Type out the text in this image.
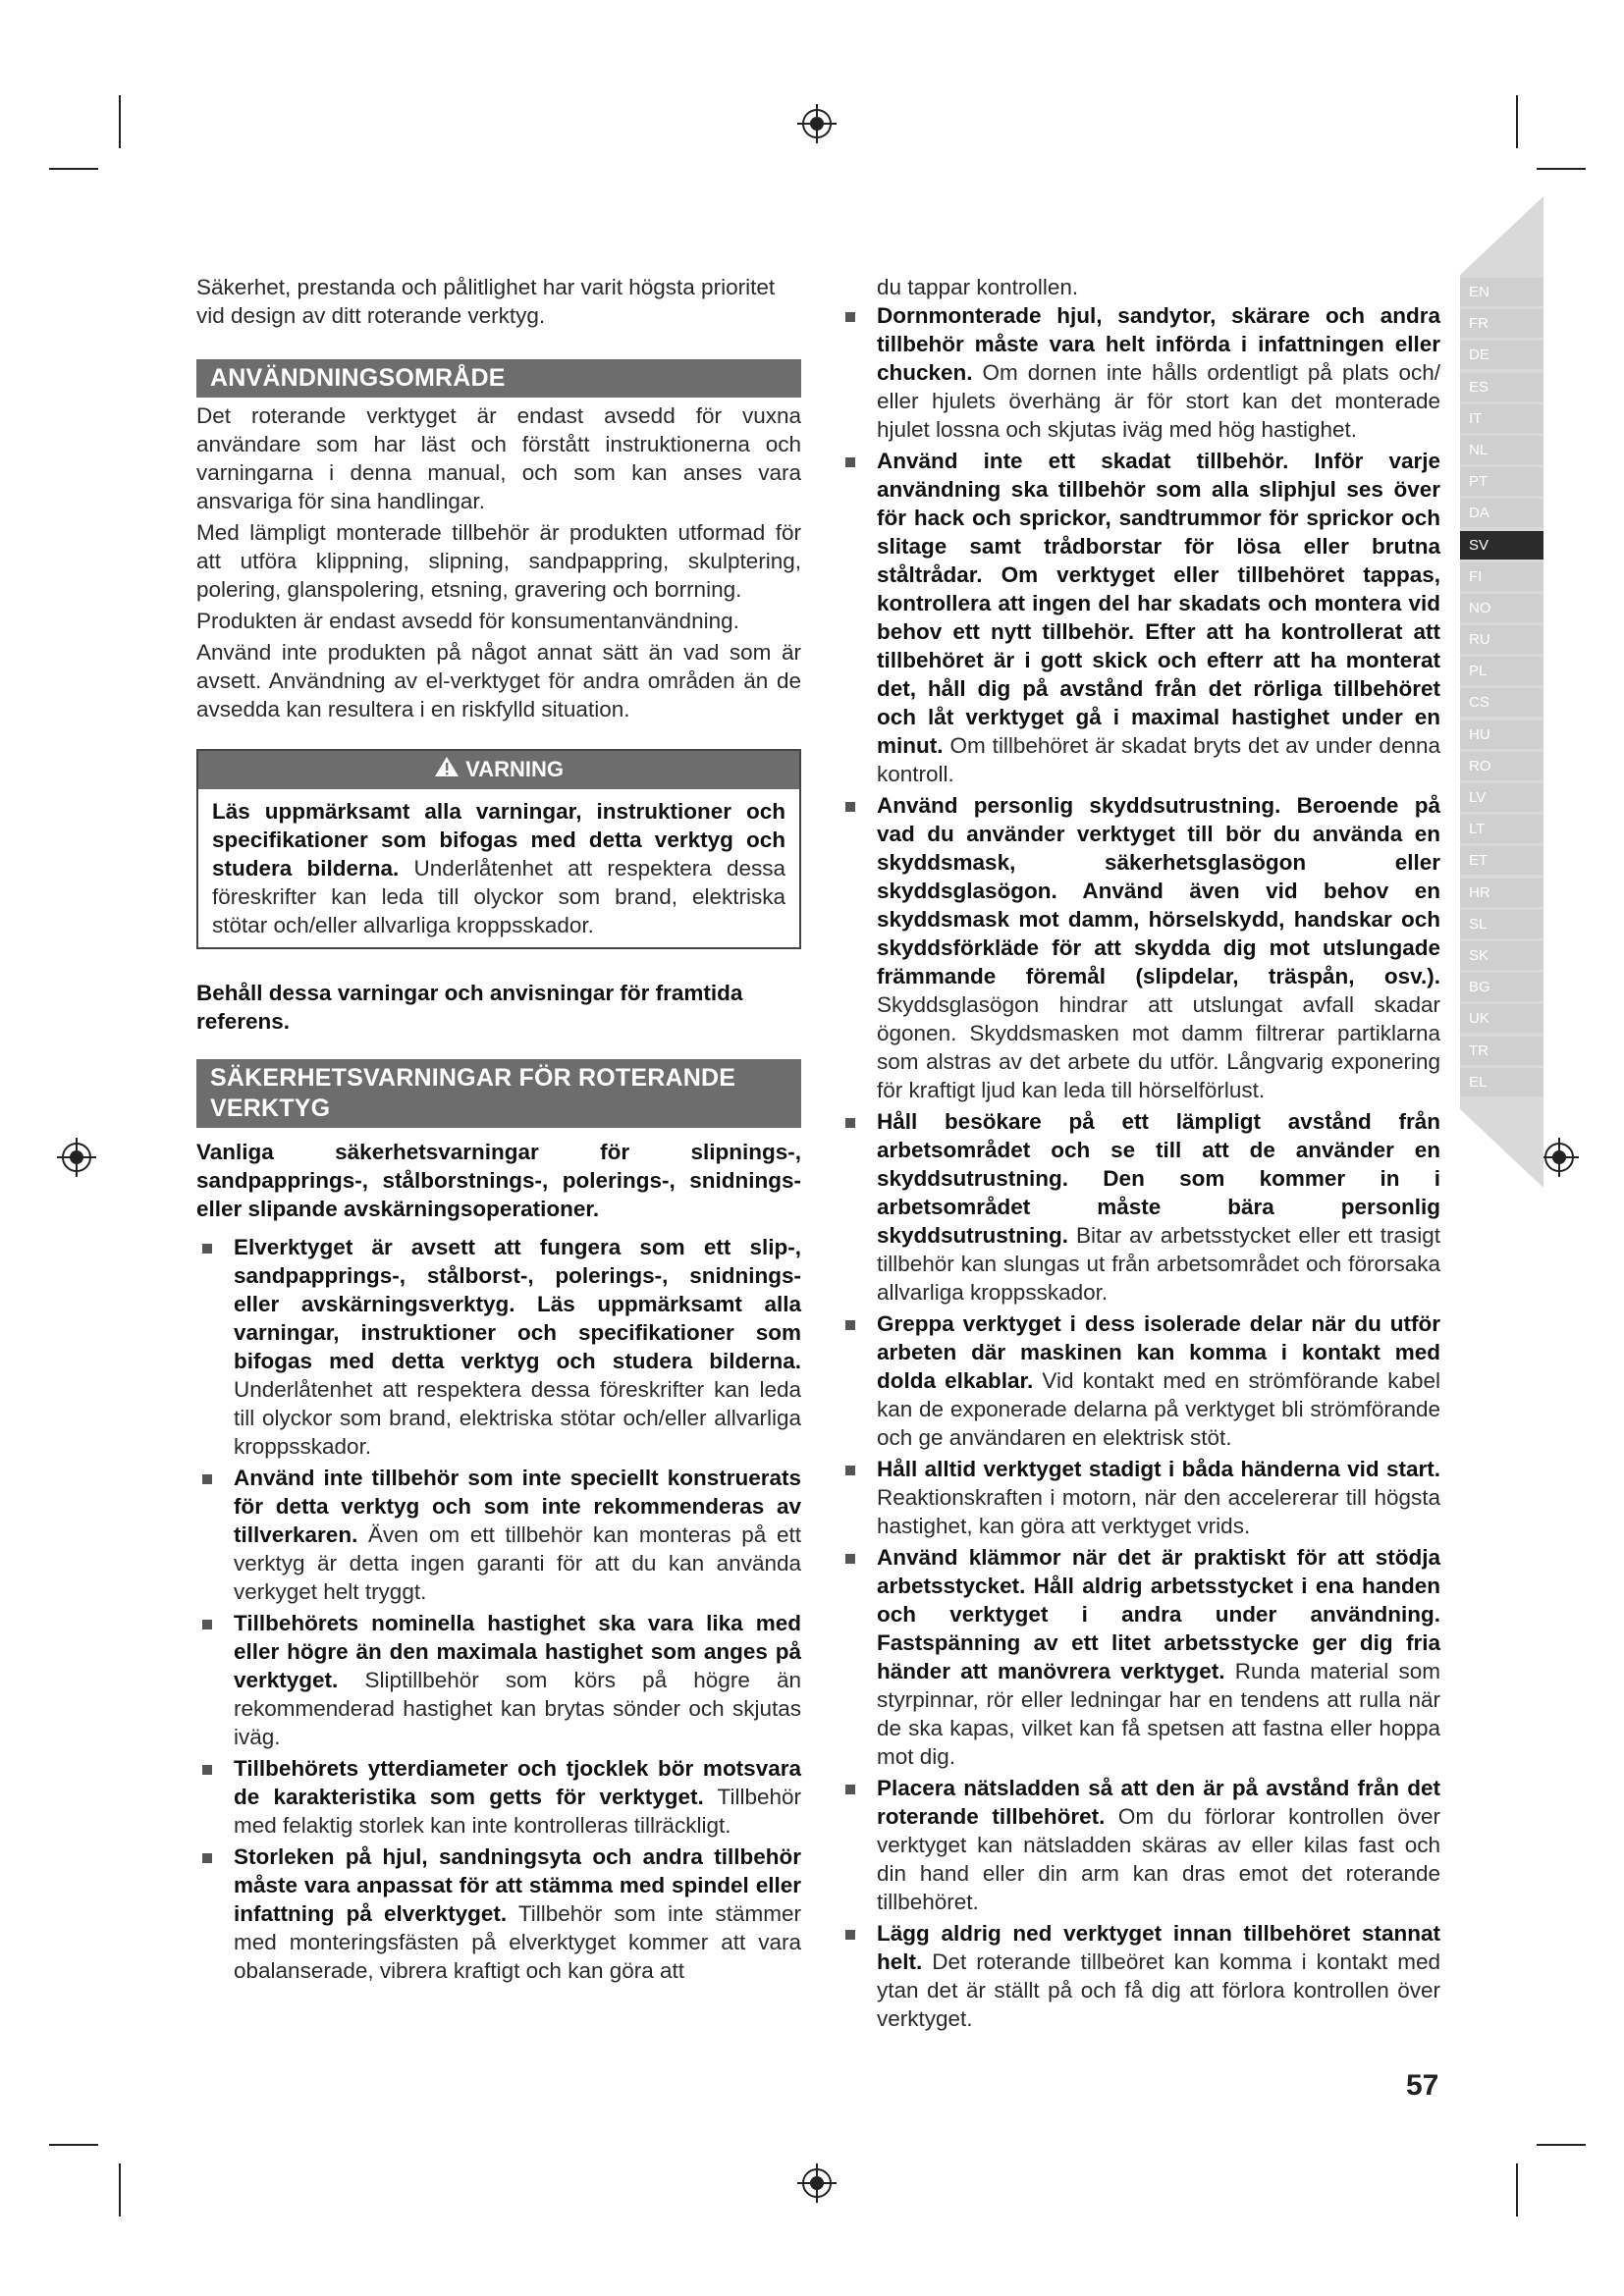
EN
FR
DE
ES
IT
NL
PT
DA
SV
FI
NO
RU
PL
CS
HU
RO
LV
LT
ET
HR
SL
SK
BG
UK
TR
EL

Säkerhet, prestanda och pålitlighet har varit högsta prioritet vid design av ditt roterande verktyg.

ANVÄNDNINGSOMRÅDE

Det roterande verktyget är endast avsedd för vuxna användare som har läst och förstått instruktionerna och varningarna i denna manual, och som kan anses vara ansvariga för sina handlingar.

Med lämpligt monterade tillbehör är produkten utformad för att utföra klippning, slipning, sandpappring, skulptering, polering, glanspolering, etsning, gravering och borrning.

Produkten är endast avsedd för konsumentanvändning.

Använd inte produkten på något annat sätt än vad som är avsett. Användning av el-verktyget för andra områden än de avsedda kan resultera i en riskfylld situation.

VARNING

Läs uppmärksamt alla varningar, instruktioner och specifikationer som bifogas med detta verktyg och studera bilderna. Underlåtenhet att respektera dessa föreskrifter kan leda till olyckor som brand, elektriska stötar och/eller allvarliga kroppsskador.

Behåll dessa varningar och anvisningar för framtida referens.

SÄKERHETSVARNINGAR FÖR ROTERANDE VERKTYG

Vanliga säkerhetsvarningar för slipnings-, sandpapprings-, stålborstnings-, polerings-, snidnings- eller slipande avskärningsoperationer.

Elverktyget är avsett att fungera som ett slip-, sandpapprings-, stålborst-, polerings-, snidnings- eller avskärningsverktyg. Läs uppmärksamt alla varningar, instruktioner och specifikationer som bifogas med detta verktyg och studera bilderna. Underlåtenhet att respektera dessa föreskrifter kan leda till olyckor som brand, elektriska stötar och/eller allvarliga kroppsskador.
Använd inte tillbehör som inte speciellt konstruerats för detta verktyg och som inte rekommenderas av tillverkaren. Även om ett tillbehör kan monteras på ett verktyg är detta ingen garanti för att du kan använda verkyget helt tryggt.
Tillbehörets nominella hastighet ska vara lika med eller högre än den maximala hastighet som anges på verktyget. Sliptillbehör som körs på högre än rekommenderad hastighet kan brytas sönder och skjutas iväg.
Tillbehörets ytterdiameter och tjocklek bör motsvara de karakteristika som getts för verktyget. Tillbehör med felaktig storlek kan inte kontrolleras tillräckligt.
Storleken på hjul, sandningsyta och andra tillbehör måste vara anpassat för att stämma med spindel eller infattning på elverktyget. Tillbehör som inte stämmer med monteringsfästen på elverktyget kommer att vara obalanserade, vibrera kraftigt och kan göra att

du tappar kontrollen.

Dornmonterade hjul, sandytor, skärare och andra tillbehör måste vara helt införda i infattningen eller chucken. Om dornen inte hålls ordentligt på plats och/ eller hjulets överhäng är för stort kan det monterade hjulet lossna och skjutas iväg med hög hastighet.
Använd inte ett skadat tillbehör. Inför varje användning ska tillbehör som alla sliphjul ses över för hack och sprickor, sandtrummor för sprickor och slitage samt trådborstar för lösa eller brutna ståltrådar. Om verktyget eller tillbehöret tappas, kontrollera att ingen del har skadats och montera vid behov ett nytt tillbehör. Efter att ha kontrollerat att tillbehöret är i gott skick och efterr att ha monterat det, håll dig på avstånd från det rörliga tillbehöret och låt verktyget gå i maximal hastighet under en minut. Om tillbehöret är skadat bryts det av under denna kontroll.
Använd personlig skyddsutrustning. Beroende på vad du använder verktyget till bör du använda en skyddsmask, säkerhetsglasögon eller skyddsglasögon. Använd även vid behov en skyddsmask mot damm, hörselskydd, handskar och skyddsförkläde för att skydda dig mot utslungade främmande föremål (slipdelar, träspån, osv.). Skyddsglasögon hindrar att utslungat avfall skadar ögonen. Skyddsmasken mot damm filtrerar partiklarna som alstras av det arbete du utför. Långvarig exponering för kraftigt ljud kan leda till hörselförlust.
Håll besökare på ett lämpligt avstånd från arbetsområdet och se till att de använder en skyddsutrustning. Den som kommer in i arbetsområdet måste bära personlig skyddsutrustning. Bitar av arbetsstycket eller ett trasigt tillbehör kan slungas ut från arbetsområdet och förorsaka allvarliga kroppsskador.
Greppa verktyget i dess isolerade delar när du utför arbeten där maskinen kan komma i kontakt med dolda elkablar. Vid kontakt med en strömförande kabel kan de exponerade delarna på verktyget bli strömförande och ge användaren en elektrisk stöt.
Håll alltid verktyget stadigt i båda händerna vid start. Reaktionskraften i motorn, när den accelererar till högsta hastighet, kan göra att verktyget vrids.
Använd klämmor när det är praktiskt för att stödja arbetsstycket. Håll aldrig arbetsstycket i ena handen och verktyget i andra under användning. Fastspänning av ett litet arbetsstycke ger dig fria händer att manövrera verktyget. Runda material som styrpinnar, rör eller ledningar har en tendens att rulla när de ska kapas, vilket kan få spetsen att fastna eller hoppa mot dig.
Placera nätsladden så att den är på avstånd från det roterande tillbehöret. Om du förlorar kontrollen över verktyget kan nätsladden skäras av eller kilas fast och din hand eller din arm kan dras emot det roterande tillbehöret.
Lägg aldrig ned verktyget innan tillbehöret stannat helt. Det roterande tillbeöret kan komma i kontakt med ytan det är ställt på och få dig att förlora kontrollen över verktyget.
57
